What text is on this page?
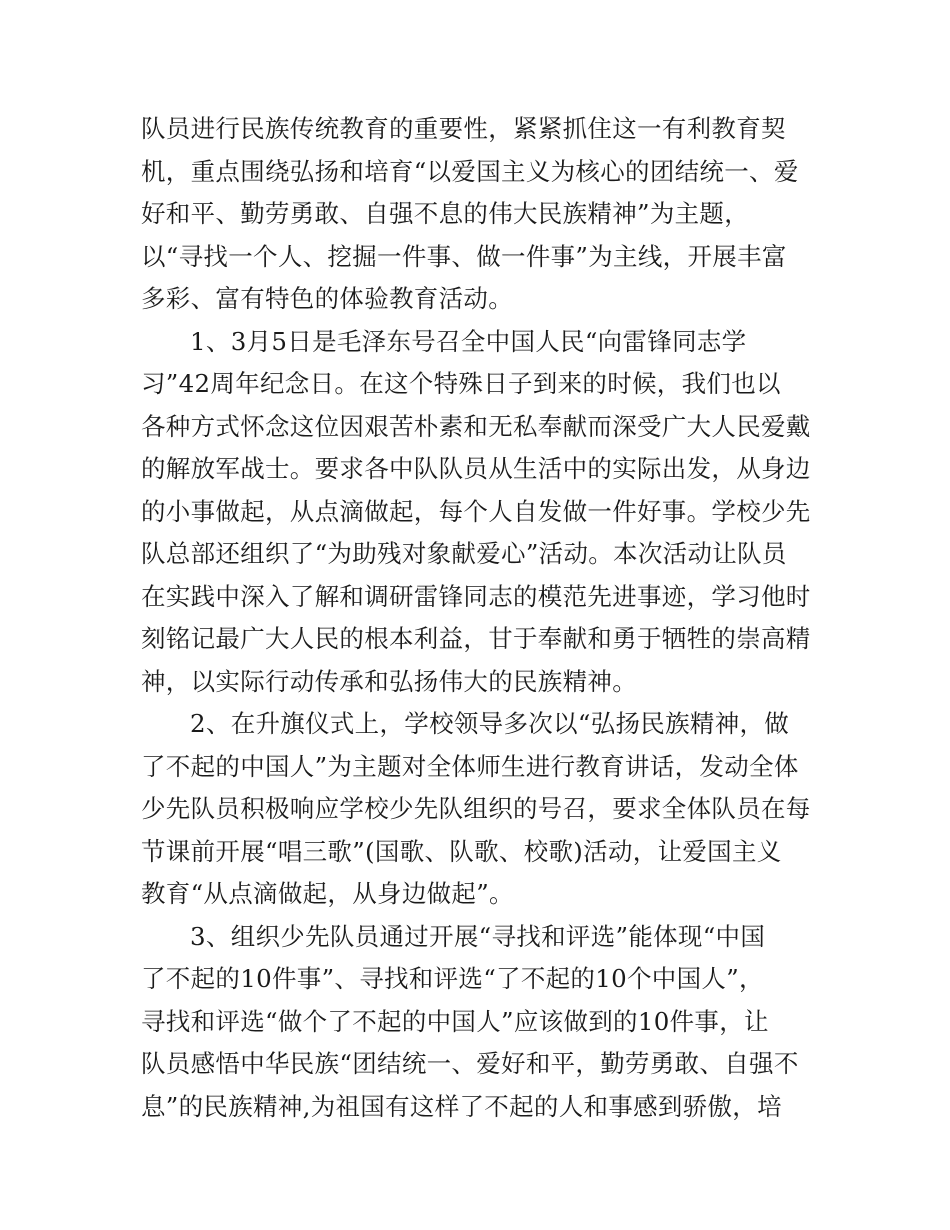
队员进行民族传统教育的重要性，紧紧抓住这一有利教育契
机，重点围绕弘扬和培育“以爱国主义为核心的团结统一、爱
好和平、勤劳勇敢、自强不息的伟大民族精神”为主题，
以“寻找一个人、挖掘一件事、做一件事”为主线，开展丰富
多彩、富有特色的体验教育活动。
1、3月5日是毛泽东号召全中国人民“向雷锋同志学
习”42周年纪念日。在这个特殊日子到来的时候，我们也以
各种方式怀念这位因艰苦朴素和无私奉献而深受广大人民爱戴
的解放军战士。要求各中队队员从生活中的实际出发，从身边
的小事做起，从点滴做起，每个人自发做一件好事。学校少先
队总部还组织了“为助残对象献爱心”活动。本次活动让队员
在实践中深入了解和调研雷锋同志的模范先进事迹，学习他时
刻铭记最广大人民的根本利益，甘于奉献和勇于牺牲的崇高精
神，以实际行动传承和弘扬伟大的民族精神。
2、在升旗仪式上，学校领导多次以“弘扬民族精神，做
了不起的中国人”为主题对全体师生进行教育讲话，发动全体
少先队员积极响应学校少先队组织的号召，要求全体队员在每
节课前开展“唱三歌”(国歌、队歌、校歌)活动，让爱国主义
教育“从点滴做起，从身边做起”。
3、组织少先队员通过开展“寻找和评选”能体现“中国
了不起的10件事”、寻找和评选“了不起的10个中国人”，
寻找和评选“做个了不起的中国人”应该做到的10件事，让
队员感悟中华民族“团结统一、爱好和平，勤劳勇敢、自强不
息”的民族精神,为祖国有这样了不起的人和事感到骄傲，培
